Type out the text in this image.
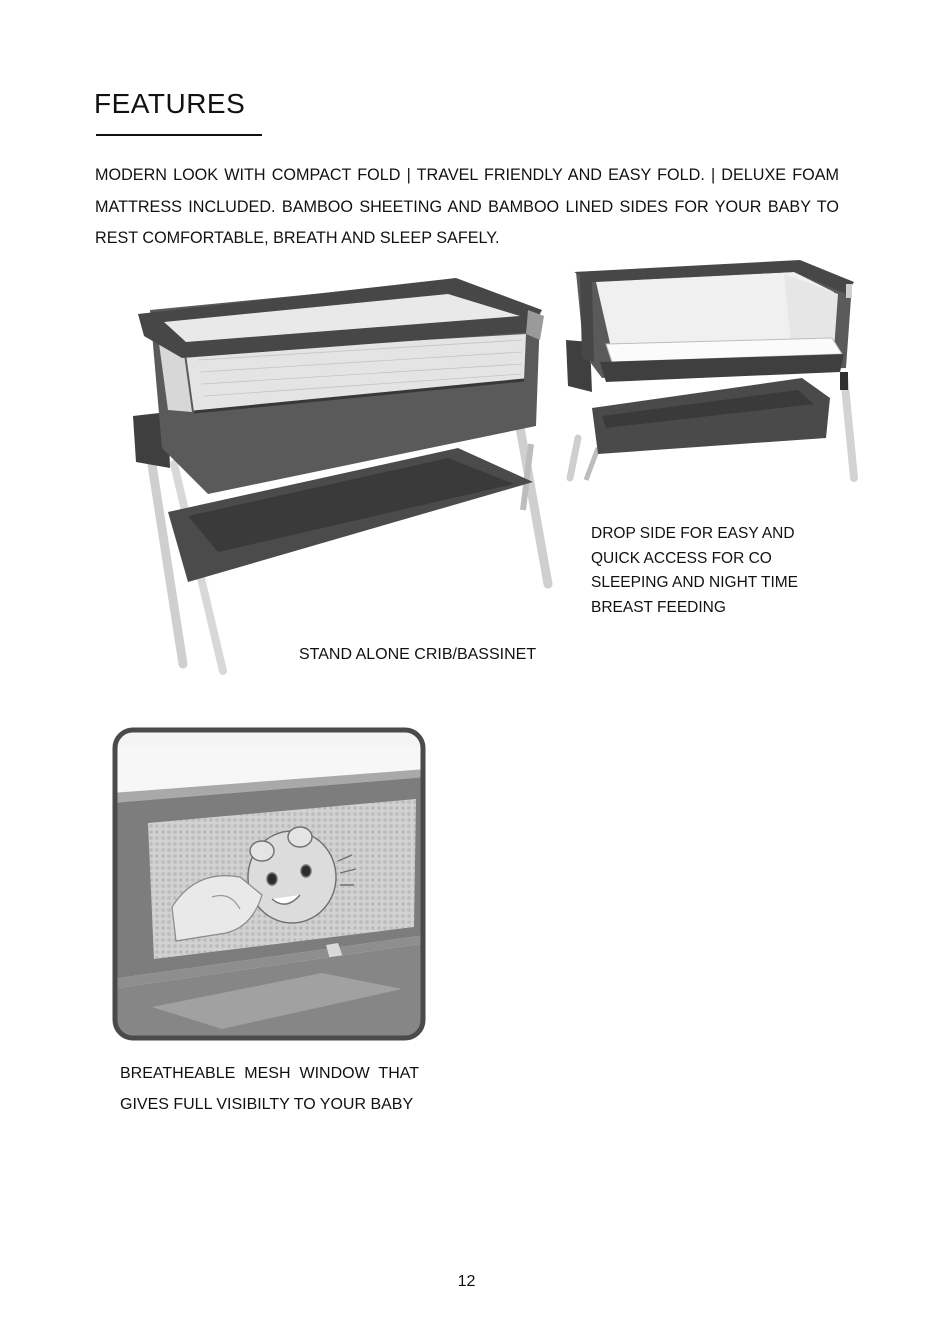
FEATURES
MODERN LOOK WITH COMPACT FOLD | TRAVEL FRIENDLY AND EASY FOLD. | DELUXE FOAM MATTRESS INCLUDED. BAMBOO SHEETING AND BAMBOO LINED SIDES FOR YOUR BABY TO REST COMFORTABLE, BREATH AND SLEEP SAFELY.
DROP SIDE FOR EASY AND QUICK ACCESS FOR CO SLEEPING AND NIGHT TIME BREAST FEEDING
STAND ALONE CRIB/BASSINET
BREATHEABLE MESH WINDOW THAT GIVES FULL VISIBILTY TO YOUR BABY
12
